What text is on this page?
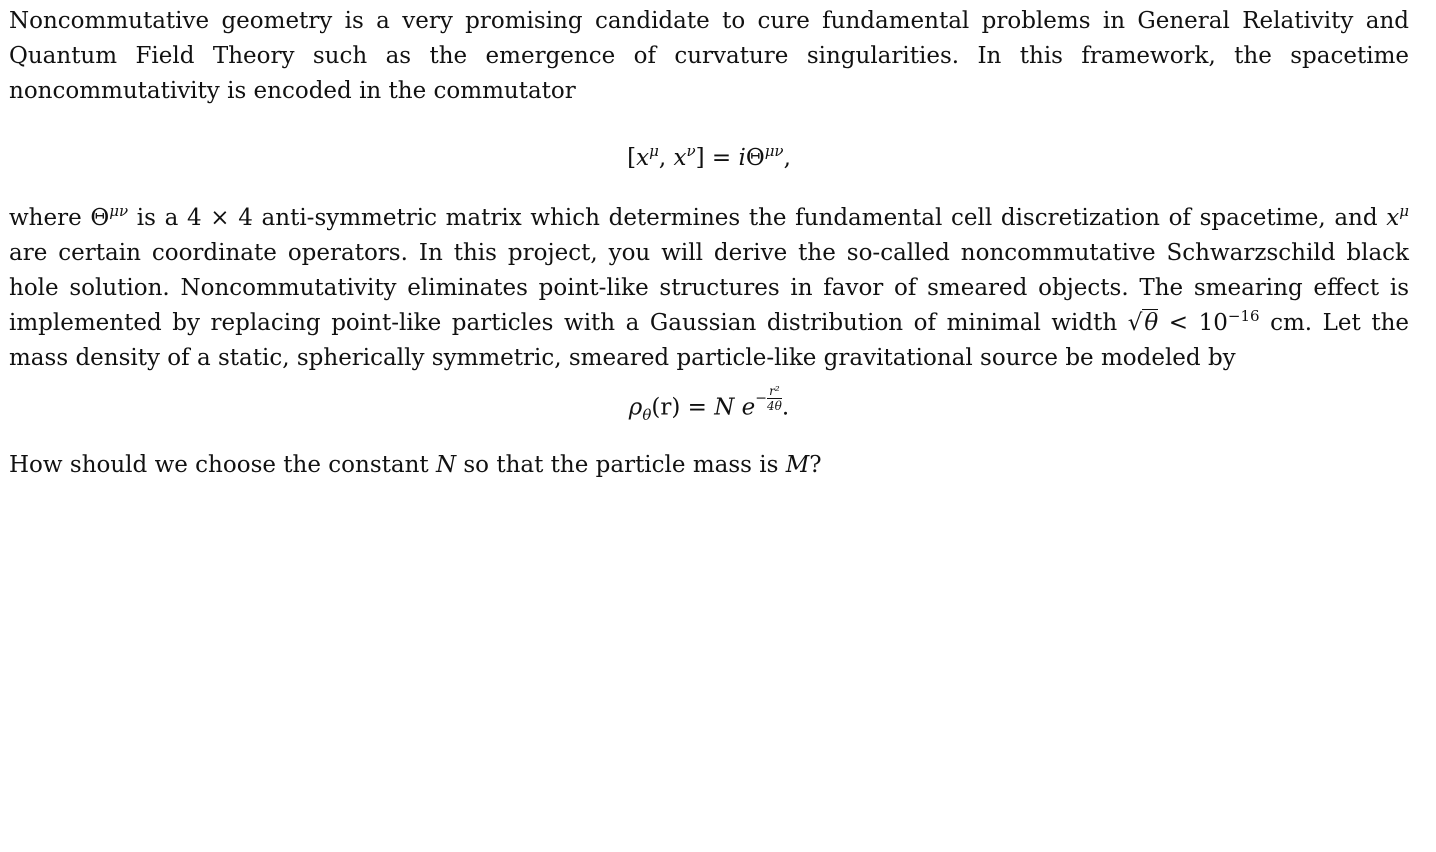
Noncommutative geometry is a very promising candidate to cure fundamental problems in General Relativity and Quantum Field Theory such as the emergence of curvature singularities. In this framework, the spacetime noncommutativity is encoded in the commutator

[$x^\mu$, $x^\nu] = i\Theta^{\mu\nu}$,

where $\Theta^{\mu\nu}$ is a 4 × 4 anti-symmetric matrix which determines the fundamental cell discretization of spacetime, and $x^\mu$ are certain coordinate operators. In this project, you will derive the so-called noncommutative Schwarzschild black hole solution. Noncommutativity eliminates point-like structures in favor of smeared objects. The smearing effect is implemented by replacing point-like particles with a Gaussian distribution of minimal width $√\theta < 10^{-16}$ cm. Let the mass density of a static, spherically symmetric, smeared particle-like gravitational source be modeled by

$\rho_\theta(r) = N$ $e- \frac{\text{r²}}{4\theta}$ .

How should we choose the constant N so that the particle mass is M?
